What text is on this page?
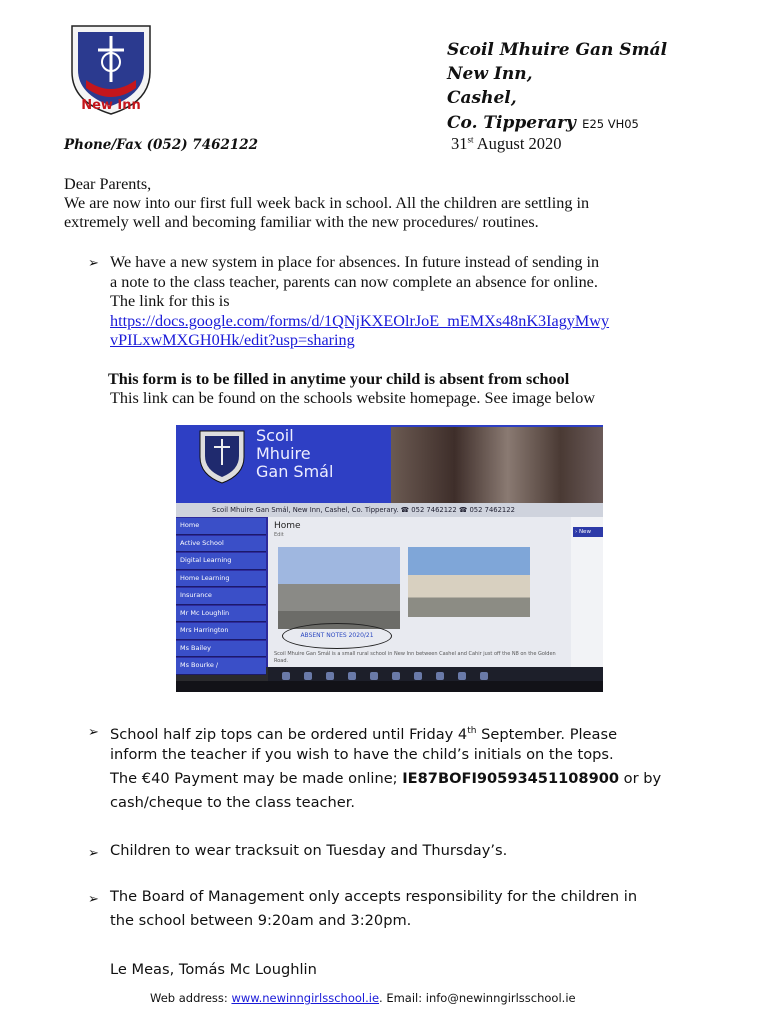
New Inn
Scoil Mhuire Gan Smál
New Inn,
Cashel,
Co. Tipperary E25 VH05
Phone/Fax (052) 7462122	31st August 2020
Dear Parents,
We are now into our first full week back in school. All the children are settling in
extremely well and becoming familiar with the new procedures/ routines.
➢ We have a new system in place for absences. In future instead of sending in
a note to the class teacher, parents can now complete an absence for online.
The link for this is
https://docs.google.com/forms/d/1QNjKXEOlrJoE_mEMXs48nK3IagyMwy
vPILxwMXGH0Hk/edit?usp=sharing
This form is to be filled in anytime your child is absent from school
This link can be found on the schools website homepage. See image below
Scoil
Mhuire
Gan Smál
Scoil Mhuire Gan Smál, New Inn, Cashel, Co. Tipperary. ☎ 052 7462122 ☎ 052 7462122
Home
Active School
Digital Learning
Home Learning
Insurance
Mr Mc Loughlin
Mrs Harrington
Ms Bailey
Ms Bourke /
Home
Edit
ABSENT NOTES 2020/21
Scoil Mhuire Gan Smál is a small rural school in New Inn between Cashel and Cahir just off the N8 on the Golden Road.
› New
➢ School half zip tops can be ordered until Friday 4th September. Please
inform the teacher if you wish to have the child’s initials on the tops.
The €40 Payment may be made online; IE87BOFI90593451108900 or by
cash/cheque to the class teacher.
➢ Children to wear tracksuit on Tuesday and Thursday’s.
➢ The Board of Management only accepts responsibility for the children in
the school between 9:20am and 3:20pm.
Le Meas, Tomás Mc Loughlin
Web address: www.newinngirlsschool.ie. Email: info@newinngirlsschool.ie
